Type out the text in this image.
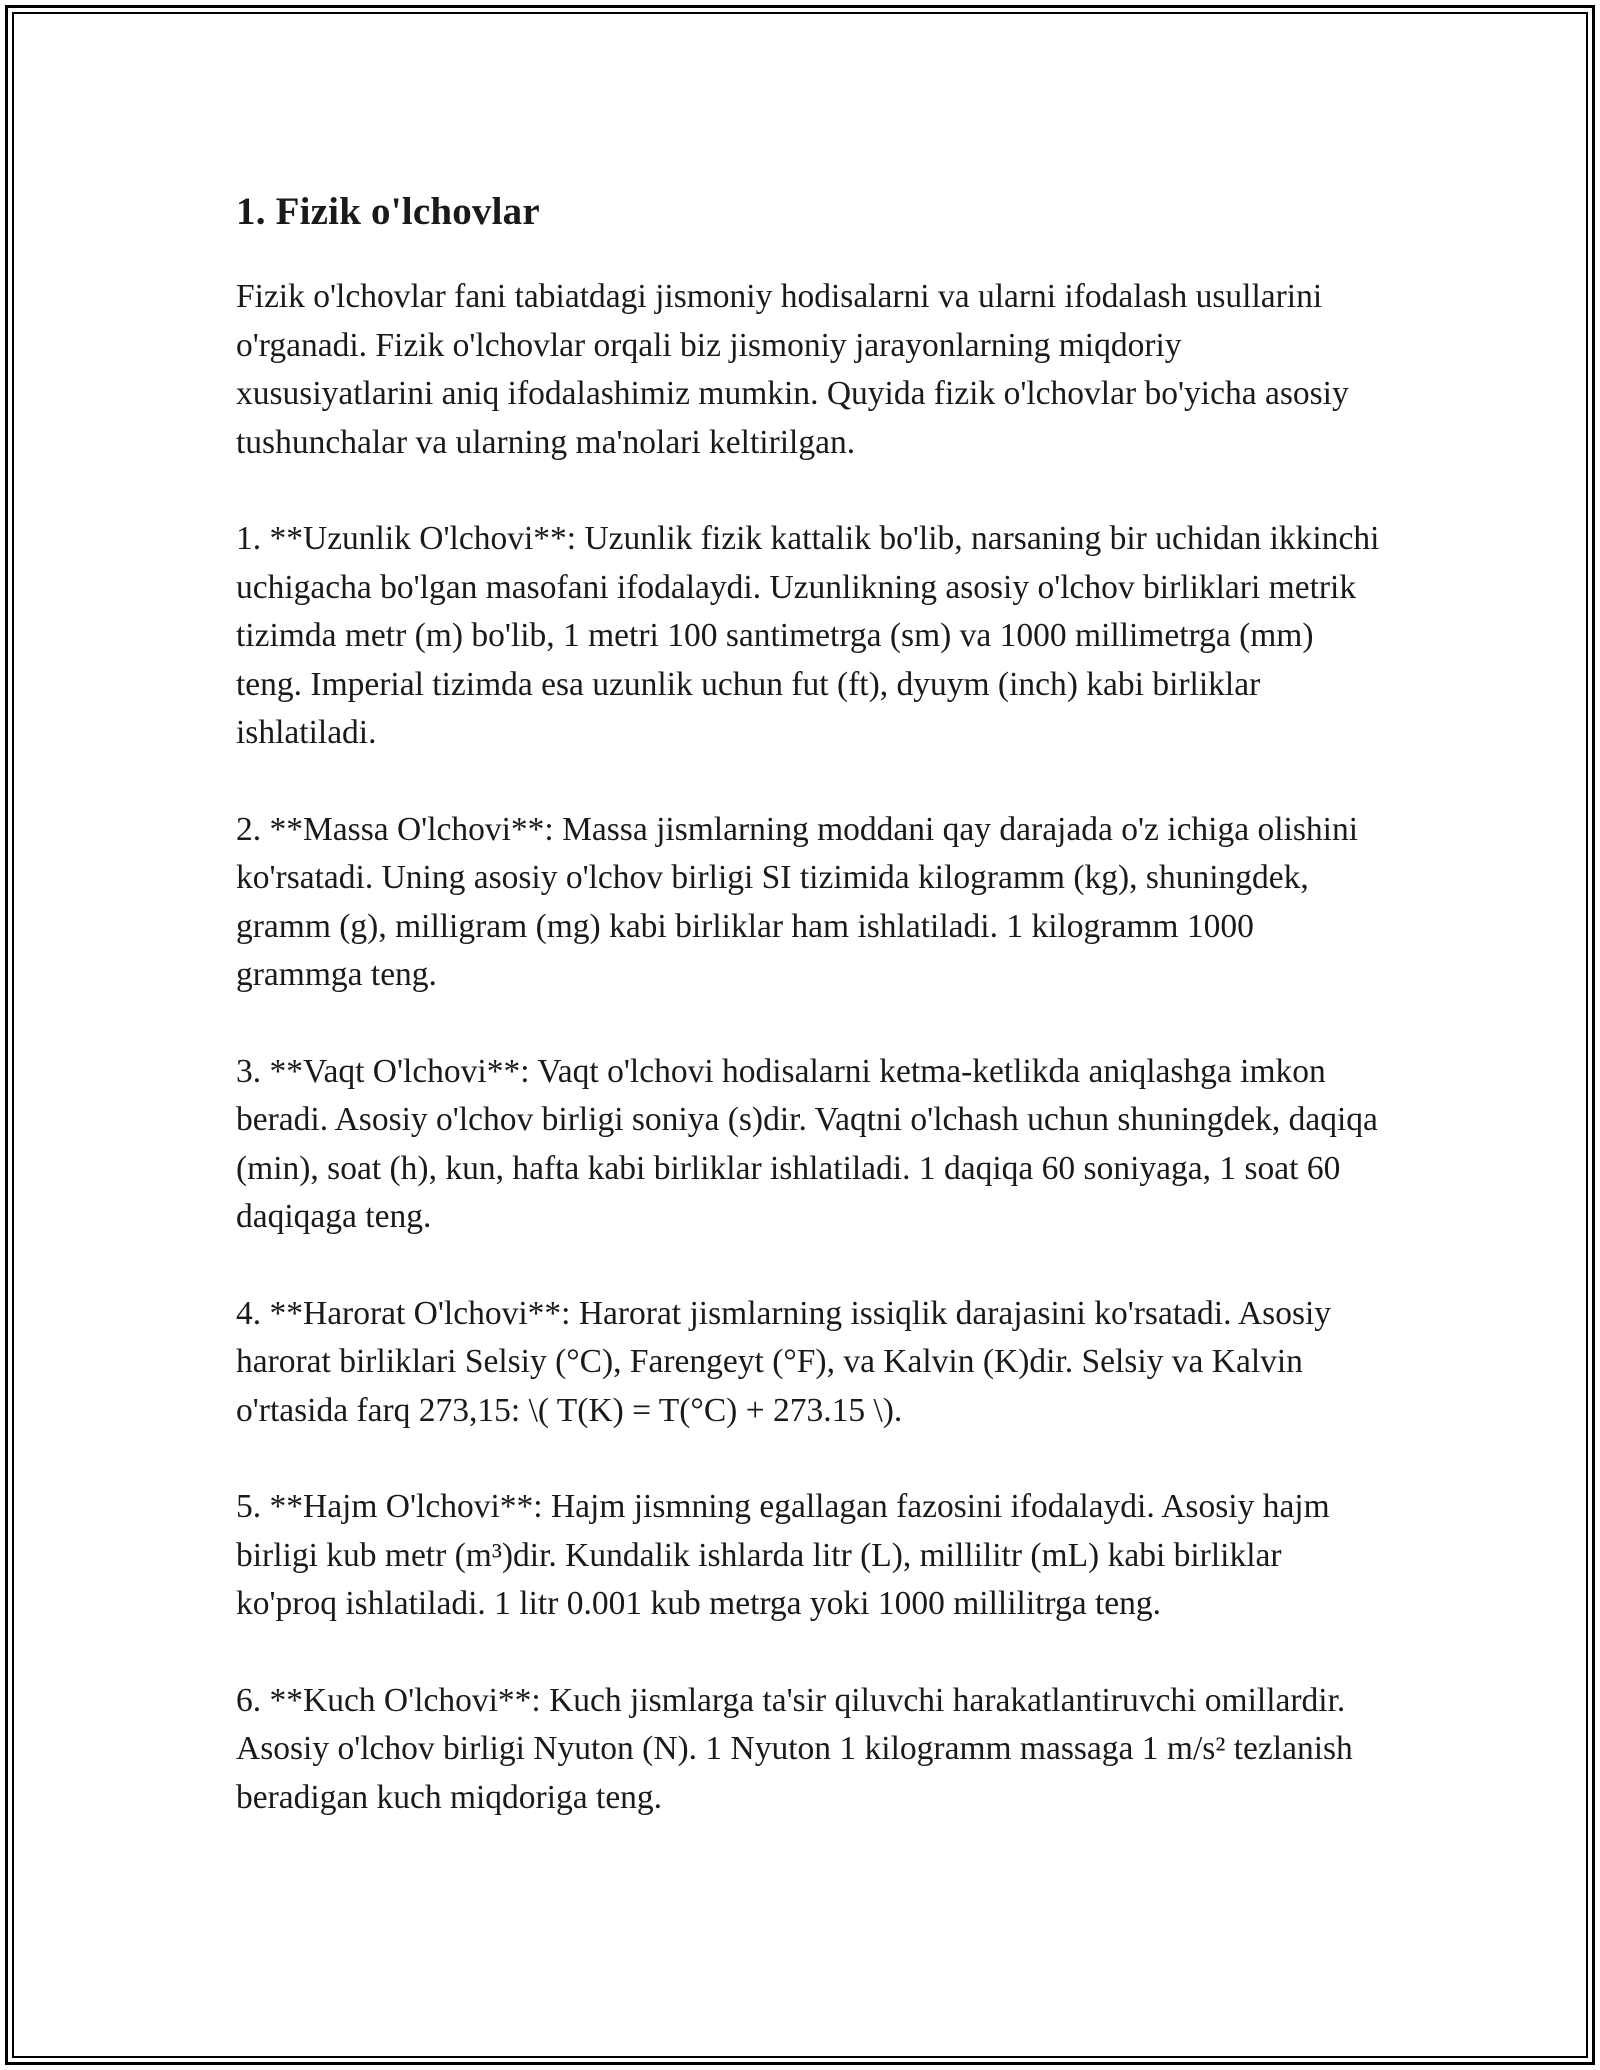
1. Fizik o'lchovlar

Fizik o'lchovlar fani tabiatdagi jismoniy hodisalarni va ularni ifodalash usullarini o'rganadi. Fizik o'lchovlar orqali biz jismoniy jarayonlarning miqdoriy xususiyatlarini aniq ifodalashimiz mumkin. Quyida fizik o'lchovlar bo'yicha asosiy tushunchalar va ularning ma'nolari keltirilgan.

1. **Uzunlik O'lchovi**: Uzunlik fizik kattalik bo'lib, narsaning bir uchidan ikkinchi uchigacha bo'lgan masofani ifodalaydi. Uzunlikning asosiy o'lchov birliklari metrik tizimda metr (m) bo'lib, 1 metri 100 santimetrga (sm) va 1000 millimetrga (mm) teng. Imperial tizimda esa uzunlik uchun fut (ft), dyuym (inch) kabi birliklar ishlatiladi.

2. **Massa O'lchovi**: Massa jismlarning moddani qay darajada o'z ichiga olishini ko'rsatadi. Uning asosiy o'lchov birligi SI tizimida kilogramm (kg), shuningdek, gramm (g), milligram (mg) kabi birliklar ham ishlatiladi. 1 kilogramm 1000 grammga teng.

3. **Vaqt O'lchovi**: Vaqt o'lchovi hodisalarni ketma-ketlikda aniqlashga imkon beradi. Asosiy o'lchov birligi soniya (s)dir. Vaqtni o'lchash uchun shuningdek, daqiqa (min), soat (h), kun, hafta kabi birliklar ishlatiladi. 1 daqiqa 60 soniyaga, 1 soat 60 daqiqaga teng.

4. **Harorat O'lchovi**: Harorat jismlarning issiqlik darajasini ko'rsatadi. Asosiy harorat birliklari Selsiy (°C), Farengeyt (°F), va Kalvin (K)dir. Selsiy va Kalvin o'rtasida farq 273,15: \( T(K) = T(°C) + 273.15 \).

5. **Hajm O'lchovi**: Hajm jismning egallagan fazosini ifodalaydi. Asosiy hajm birligi kub metr (m³)dir. Kundalik ishlarda litr (L), millilitr (mL) kabi birliklar ko'proq ishlatiladi. 1 litr 0.001 kub metrga yoki 1000 millilitrga teng.

6. **Kuch O'lchovi**: Kuch jismlarga ta'sir qiluvchi harakatlantiruvchi omillardir. Asosiy o'lchov birligi Nyuton (N). 1 Nyuton 1 kilogramm massaga 1 m/s² tezlanish beradigan kuch miqdoriga teng.
